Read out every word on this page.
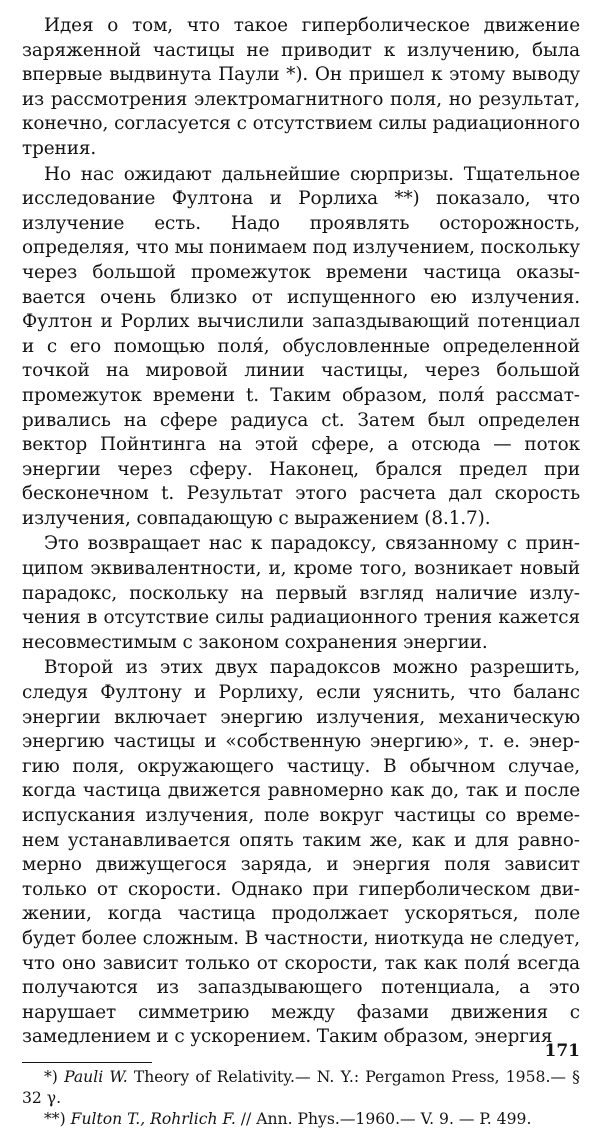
Идея о том, что такое гиперболическое движение заряженной частицы не приводит к излучению, была впервые выдвинута Паули *). Он пришел к этому выводу из рассмотрения электромагнитного поля, но результат, конечно, согласуется с отсутствием силы радиационного трения.

Но нас ожидают дальнейшие сюрпризы. Тщательное исследование Фултона и Рорлиха **) показало, что излучение есть. Надо проявлять осторожность, определяя, что мы понимаем под излучением, поскольку через большой промежуток времени частица оказывается очень близко от испущенного ею излучения. Фултон и Рорлих вычислили запаздывающий потенциал и с его помощью поля́, обусловленные определенной точкой на мировой линии частицы, через большой промежуток времени t. Таким образом, поля́ рассматривались на сфере радиуса ct. Затем был определен вектор Пойнтинга на этой сфере, а отсюда — поток энергии через сферу. Наконец, брался предел при бесконечном t. Результат этого расчета дал скорость излучения, совпадающую с выражением (8.1.7).

Это возвращает нас к парадоксу, связанному с принципом эквивалентности, и, кроме того, возникает новый парадокс, поскольку на первый взгляд наличие излучения в отсутствие силы радиационного трения кажется несовместимым с законом сохранения энергии.

Второй из этих двух парадоксов можно разрешить, следуя Фултону и Рорлиху, если уяснить, что баланс энергии включает энергию излучения, механическую энергию частицы и «собственную энергию», т. е. энергию поля, окружающего частицу. В обычном случае, когда частица движется равномерно как до, так и после испускания излучения, поле вокруг частицы со временем устанавливается опять таким же, как и для равномерно движущегося заряда, и энергия поля зависит только от скорости. Однако при гиперболическом движении, когда частица продолжает ускоряться, поле будет более сложным. В частности, ниоткуда не следует, что оно зависит только от скорости, так как поля́ всегда получаются из запаздывающего потенциала, а это нарушает симметрию между фазами движения с замедлением и с ускорением. Таким образом, энергия

*) Pauli W. Theory of Relativity.— N. Y.: Pergamon Press, 1958.— § 32 γ.

**) Fulton T., Rohrlich F. // Ann. Phys.—1960.— V. 9. — P. 499.

171
